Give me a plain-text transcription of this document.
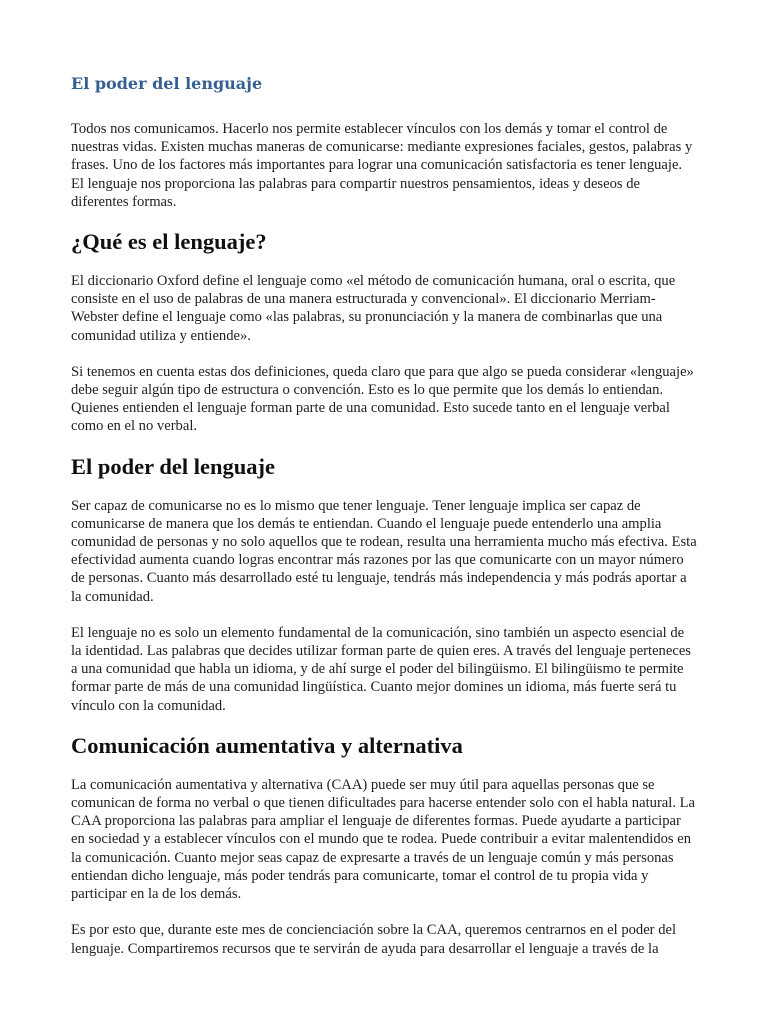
El poder del lenguaje

Todos nos comunicamos. Hacerlo nos permite establecer vínculos con los demás y tomar el control de nuestras vidas. Existen muchas maneras de comunicarse: mediante expresiones faciales, gestos, palabras y frases. Uno de los factores más importantes para lograr una comunicación satisfactoria es tener lenguaje. El lenguaje nos proporciona las palabras para compartir nuestros pensamientos, ideas y deseos de diferentes formas.

¿Qué es el lenguaje?

El diccionario Oxford define el lenguaje como «el método de comunicación humana, oral o escrita, que consiste en el uso de palabras de una manera estructurada y convencional». El diccionario Merriam-Webster define el lenguaje como «las palabras, su pronunciación y la manera de combinarlas que una comunidad utiliza y entiende».

Si tenemos en cuenta estas dos definiciones, queda claro que para que algo se pueda considerar «lenguaje» debe seguir algún tipo de estructura o convención. Esto es lo que permite que los demás lo entiendan. Quienes entienden el lenguaje forman parte de una comunidad. Esto sucede tanto en el lenguaje verbal como en el no verbal.

El poder del lenguaje

Ser capaz de comunicarse no es lo mismo que tener lenguaje. Tener lenguaje implica ser capaz de comunicarse de manera que los demás te entiendan. Cuando el lenguaje puede entenderlo una amplia comunidad de personas y no solo aquellos que te rodean, resulta una herramienta mucho más efectiva. Esta efectividad aumenta cuando logras encontrar más razones por las que comunicarte con un mayor número de personas. Cuanto más desarrollado esté tu lenguaje, tendrás más independencia y más podrás aportar a la comunidad.

El lenguaje no es solo un elemento fundamental de la comunicación, sino también un aspecto esencial de la identidad. Las palabras que decides utilizar forman parte de quien eres. A través del lenguaje perteneces a una comunidad que habla un idioma, y de ahí surge el poder del bilingüismo. El bilingüismo te permite formar parte de más de una comunidad lingüística. Cuanto mejor domines un idioma, más fuerte será tu vínculo con la comunidad.

Comunicación aumentativa y alternativa

La comunicación aumentativa y alternativa (CAA) puede ser muy útil para aquellas personas que se comunican de forma no verbal o que tienen dificultades para hacerse entender solo con el habla natural. La CAA proporciona las palabras para ampliar el lenguaje de diferentes formas. Puede ayudarte a participar en sociedad y a establecer vínculos con el mundo que te rodea. Puede contribuir a evitar malentendidos en la comunicación. Cuanto mejor seas capaz de expresarte a través de un lenguaje común y más personas entiendan dicho lenguaje, más poder tendrás para comunicarte, tomar el control de tu propia vida y participar en la de los demás.

Es por esto que, durante este mes de concienciación sobre la CAA, queremos centrarnos en el poder del lenguaje. Compartiremos recursos que te servirán de ayuda para desarrollar el lenguaje a través de la
